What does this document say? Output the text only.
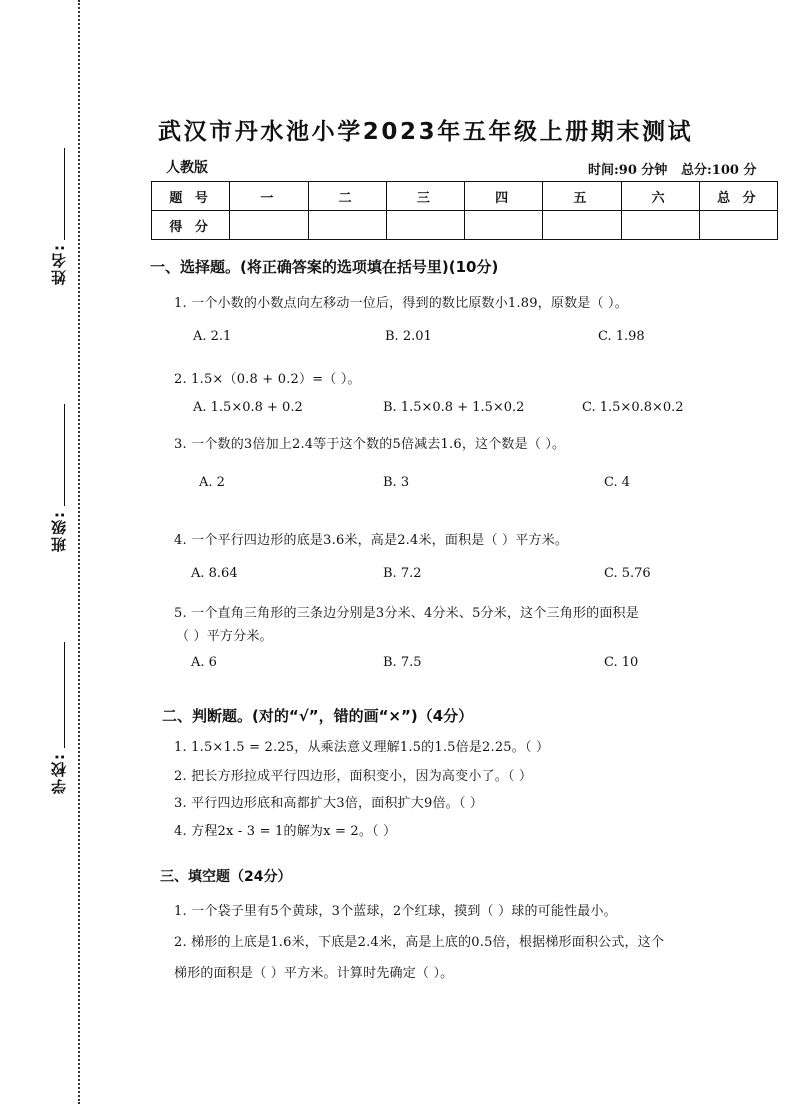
姓名:
班级:
学校:
武汉市丹水池小学2023年五年级上册期末测试
人教版	时间:90 分钟 总分:100 分
题 号	一	二	三	四	五	六	总 分
得 分							
一、选择题。(将正确答案的选项填在括号里)(10分)
1. 一个小数的小数点向左移动一位后，得到的数比原数小1.89，原数是（ ）。
A. 2.1	B. 2.01	C. 1.98
2. 1.5×（0.8 + 0.2）=（ ）。
A. 1.5×0.8 + 0.2	B. 1.5×0.8 + 1.5×0.2	C. 1.5×0.8×0.2
3. 一个数的3倍加上2.4等于这个数的5倍减去1.6，这个数是（ ）。
A. 2	B. 3	C. 4
4. 一个平行四边形的底是3.6米，高是2.4米，面积是（ ）平方米。
A. 8.64	B. 7.2	C. 5.76
5. 一个直角三角形的三条边分别是3分米、4分米、5分米，这个三角形的面积是
（ ）平方分米。
A. 6	B. 7.5	C. 10
二、判断题。(对的“√”，错的画“×”)（4分）
1. 1.5×1.5 = 2.25，从乘法意义理解1.5的1.5倍是2.25。（ ）
2. 把长方形拉成平行四边形，面积变小，因为高变小了。（ ）
3. 平行四边形底和高都扩大3倍，面积扩大9倍。（ ）
4. 方程2x - 3 = 1的解为x = 2。（ ）
三、填空题（24分）
1. 一个袋子里有5个黄球，3个蓝球，2个红球，摸到（ ）球的可能性最小。
2. 梯形的上底是1.6米，下底是2.4米，高是上底的0.5倍，根据梯形面积公式，这个
梯形的面积是（ ）平方米。计算时先确定（ ）。
